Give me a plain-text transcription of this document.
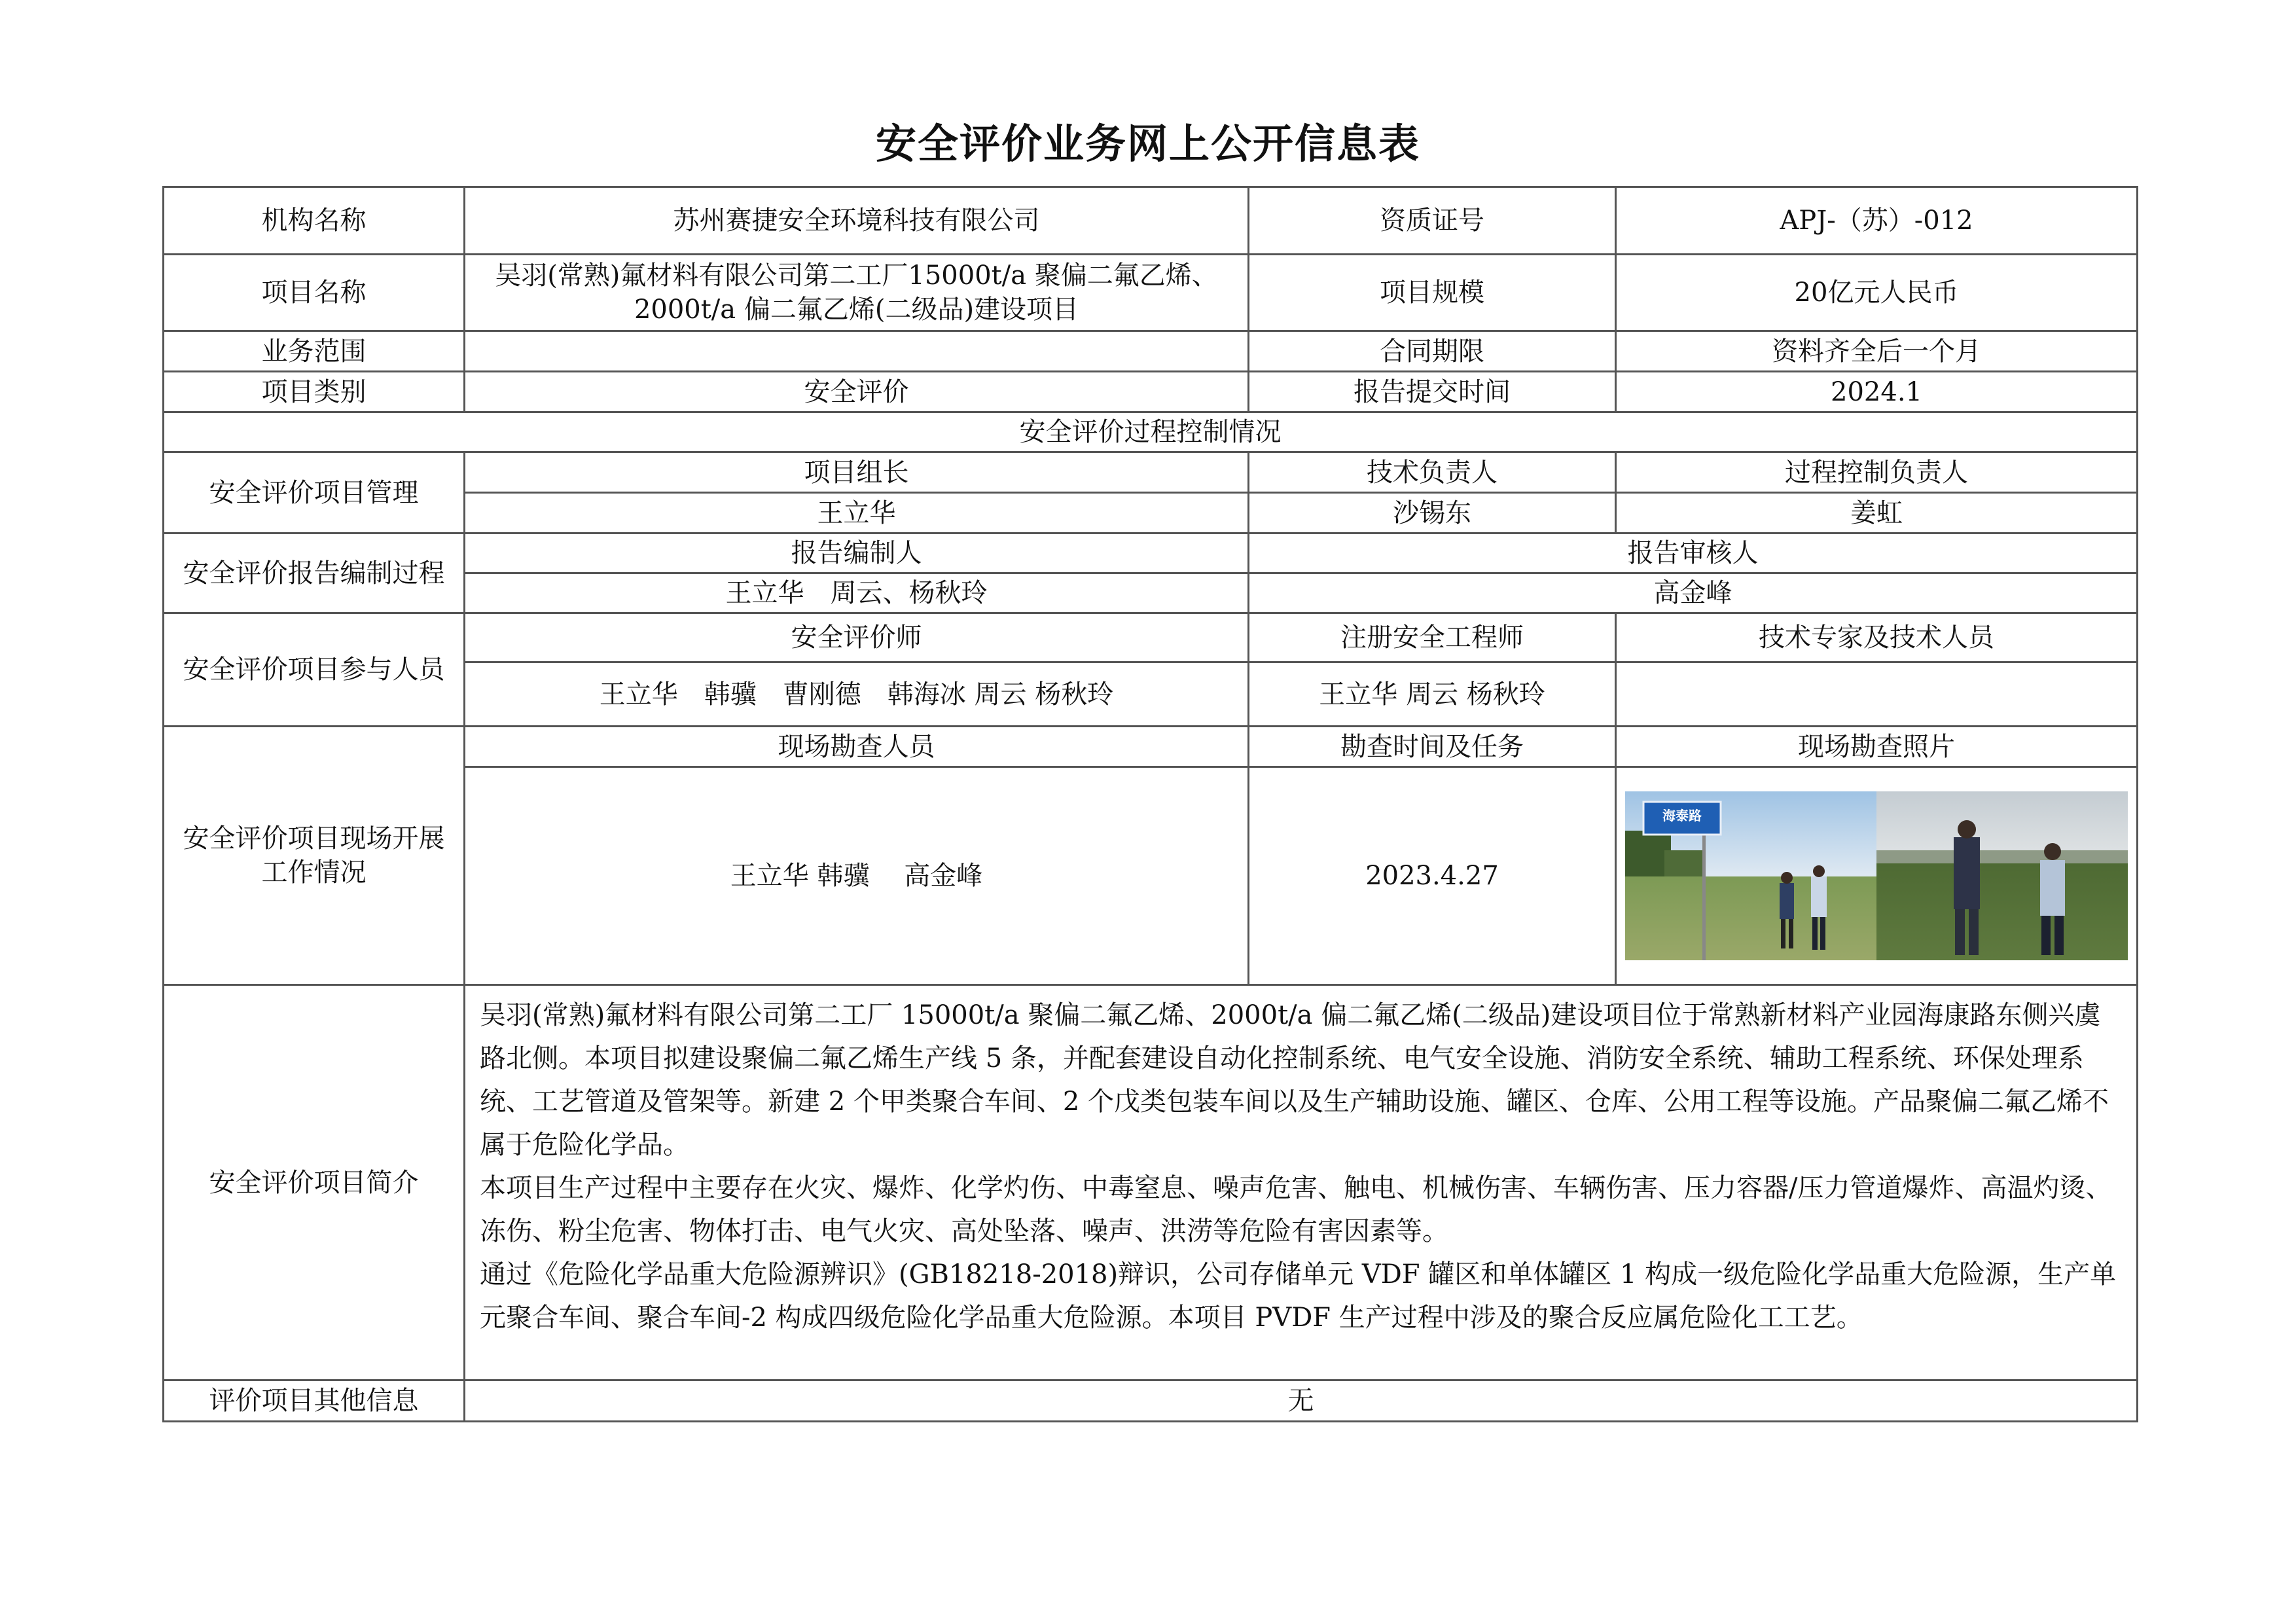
安全评价业务网上公开信息表
机构名称	苏州赛捷安全环境科技有限公司	资质证号	APJ-（苏）-012
项目名称	吴羽(常熟)氟材料有限公司第二工厂15000t/a 聚偏二氟乙烯、2000t/a 偏二氟乙烯(二级品)建设项目	项目规模	20亿元人民币
业务范围		合同期限	资料齐全后一个月
项目类别	安全评价	报告提交时间	2024.1
安全评价过程控制情况			
安全评价项目管理	项目组长	技术负责人	过程控制负责人
	王立华	沙锡东	姜虹
安全评价报告编制过程	报告编制人	报告审核人	
	王立华　周云、杨秋玲	高金峰	
安全评价项目参与人员	安全评价师	注册安全工程师	技术专家及技术人员
	王立华　韩骥　曹刚德　韩海冰 周云 杨秋玲	王立华 周云 杨秋玲	
安全评价项目现场开展工作情况	现场勘查人员	勘查时间及任务	现场勘查照片
	王立华 韩骥　 高金峰	2023.4.27	海泰路

安全评价项目简介	吴羽(常熟)氟材料有限公司第二工厂 15000t/a 聚偏二氟乙烯、2000t/a 偏二氟乙烯(二级品)建设项目位于常熟新材料产业园海康路东侧兴虞路北侧。本项目拟建设聚偏二氟乙烯生产线 5 条，并配套建设自动化控制系统、电气安全设施、消防安全系统、辅助工程系统、环保处理系统、工艺管道及管架等。新建 2 个甲类聚合车间、2 个戊类包装车间以及生产辅助设施、罐区、仓库、公用工程等设施。产品聚偏二氟乙烯不属于危险化学品。

本项目生产过程中主要存在火灾、爆炸、化学灼伤、中毒窒息、噪声危害、触电、机械伤害、车辆伤害、压力容器/压力管道爆炸、高温灼烫、冻伤、粉尘危害、物体打击、电气火灾、高处坠落、噪声、洪涝等危险有害因素等。

通过《危险化学品重大危险源辨识》(GB18218-2018)辩识，公司存储单元 VDF 罐区和单体罐区 1 构成一级危险化学品重大危险源，生产单元聚合车间、聚合车间-2 构成四级危险化学品重大危险源。本项目 PVDF 生产过程中涉及的聚合反应属危险化工工艺。		

评价项目其他信息	无		
